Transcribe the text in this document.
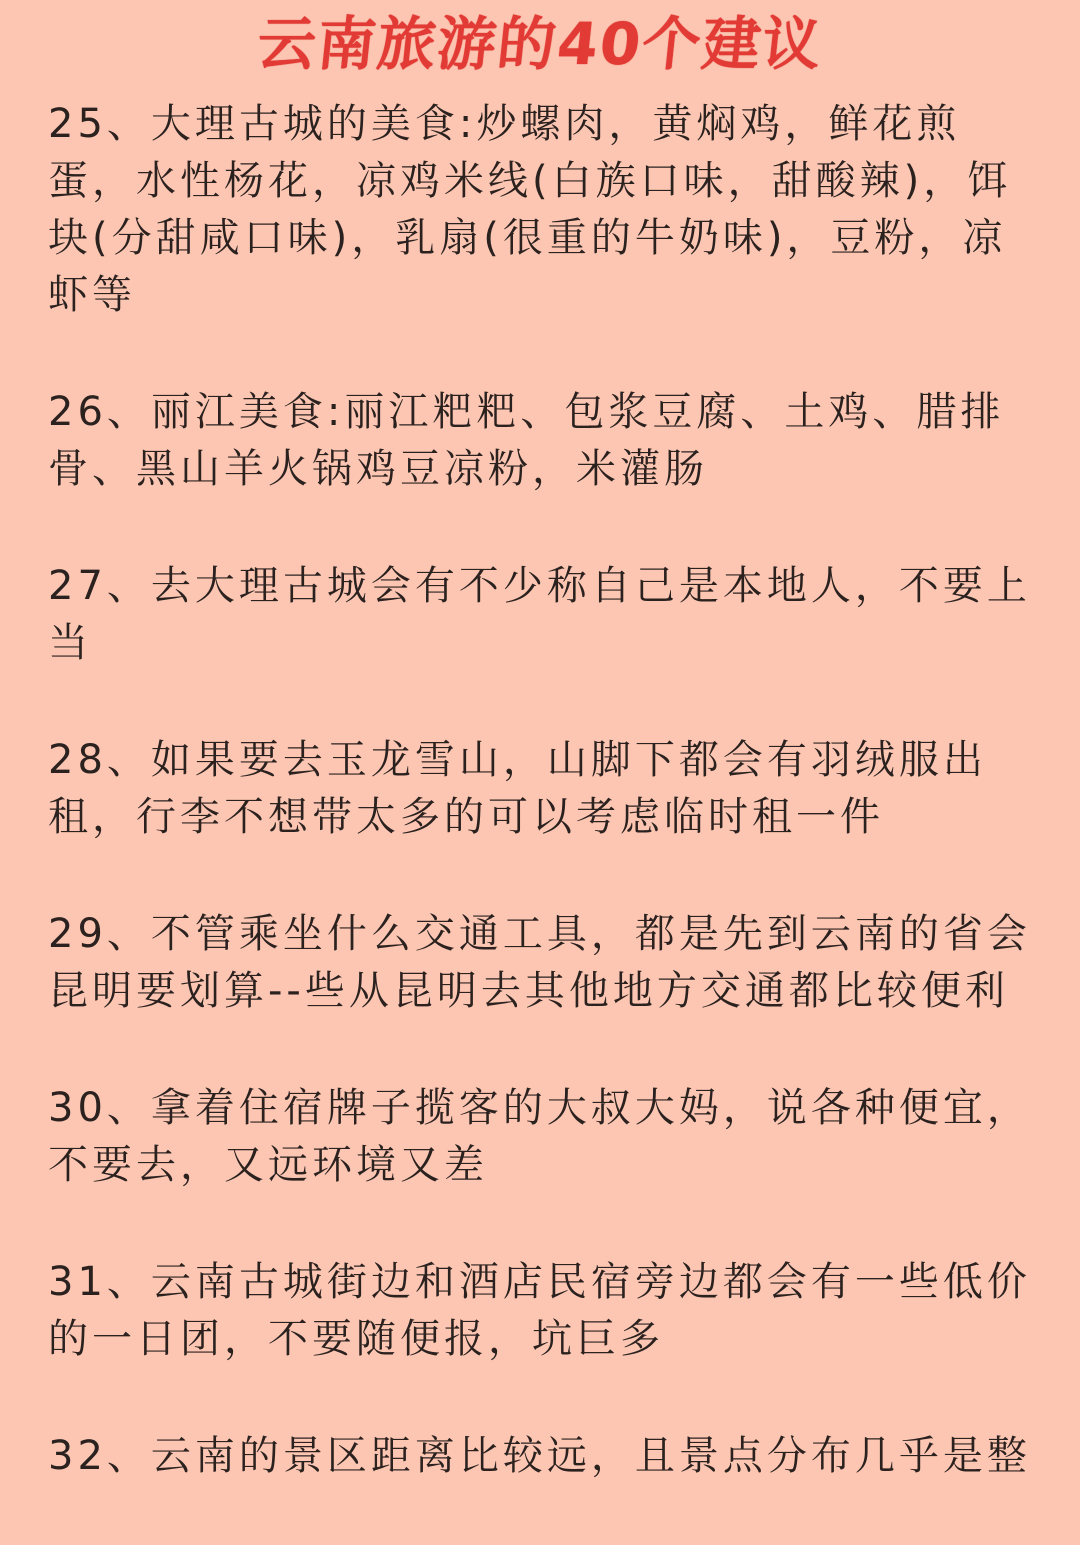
云南旅游的40个建议
25、大理古城的美食:炒螺肉，黄焖鸡，鲜花煎蛋，水性杨花，凉鸡米线(白族口味，甜酸辣)，饵块(分甜咸口味)，乳扇(很重的牛奶味)，豆粉，凉虾等
26、丽江美食:丽江粑粑、包浆豆腐、土鸡、腊排骨、黑山羊火锅鸡豆凉粉，米灌肠
27、去大理古城会有不少称自己是本地人，不要上当
28、如果要去玉龙雪山，山脚下都会有羽绒服出租，行李不想带太多的可以考虑临时租一件
29、不管乘坐什么交通工具，都是先到云南的省会昆明要划算--些从昆明去其他地方交通都比较便利
30、拿着住宿牌子揽客的大叔大妈，说各种便宜，不要去，又远环境又差
31、云南古城街边和酒店民宿旁边都会有一些低价的一日团，不要随便报，坑巨多
32、云南的景区距离比较远，且景点分布几乎是整
